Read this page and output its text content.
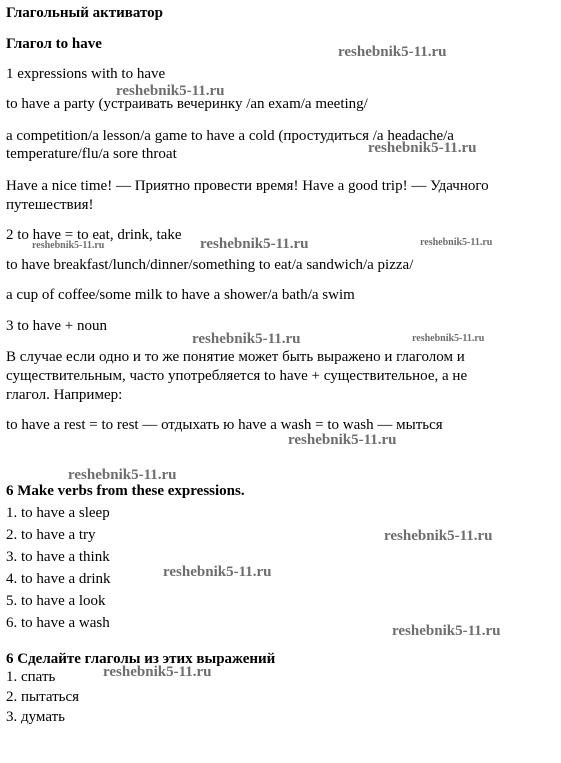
Глагольный активатор
Глагол to have
1 expressions with to have
to have a party (устраивать вечеринку /an exam/a meeting/
a competition/a lesson/a game to have a cold (простудиться /a headache/a
temperature/flu/a sore throat
Have a nice time! — Приятно провести время! Have a good trip! — Удачного
путешествия!
2 to have = to eat, drink, take
to have breakfast/lunch/dinner/something to eat/a sandwich/a pizza/
a cup of coffee/some milk to have a shower/a bath/a swim
3 to have + noun
В случае если одно и то же понятие может быть выражено и глаголом и
существительным, часто употребляется to have + существительное, а не
глагол. Например:
to have a rest = to rest — отдыхать ю have a wash = to wash — мыться
6 Make verbs from these expressions.
1. to have a sleep
2. to have a try
3. to have a think
4. to have a drink
5. to have a look
6. to have a wash
6 Сделайте глаголы из этих выражений
1. спать
2. пытаться
3. думать
reshebnik5-11.ru
reshebnik5-11.ru
reshebnik5-11.ru
reshebnik5-11.ru	reshebnik5-11.ru	reshebnik5-11.ru
reshebnik5-11.ru	reshebnik5-11.ru
reshebnik5-11.ru
reshebnik5-11.ru
reshebnik5-11.ru
reshebnik5-11.ru
reshebnik5-11.ru
reshebnik5-11.ru
